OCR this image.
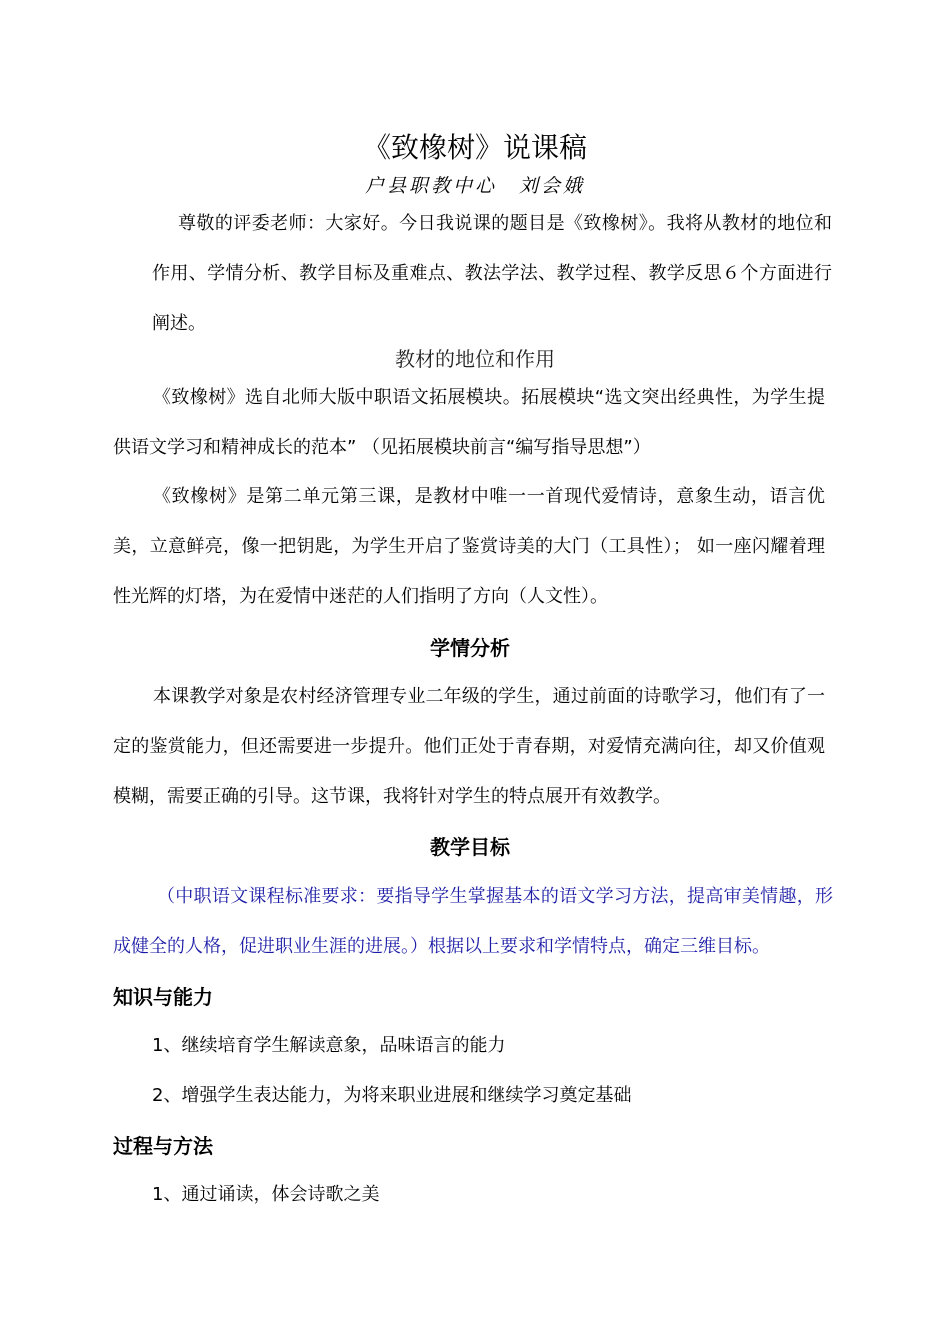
《致橡树》说课稿
户县职教中心　刘会娥
尊敬的评委老师：大家好。今日我说课的题目是《致橡树》。我将从教材的地位和作用、学情分析、教学目标及重难点、教法学法、教学过程、教学反思６个方面进行阐述。
教材的地位和作用
《致橡树》选自北师大版中职语文拓展模块。拓展模块“选文突出经典性，为学生提供语文学习和精神成长的范本” （见拓展模块前言“编写指导思想”）
《致橡树》是第二单元第三课，是教材中唯一一首现代爱情诗，意象生动，语言优美，立意鲜亮，像一把钥匙，为学生开启了鉴赏诗美的大门（工具性）； 如一座闪耀着理性光辉的灯塔，为在爱情中迷茫的人们指明了方向（人文性）。
学情分析
本课教学对象是农村经济管理专业二年级的学生，通过前面的诗歌学习，他们有了一定的鉴赏能力，但还需要进一步提升。他们正处于青春期，对爱情充满向往，却又价值观模糊，需要正确的引导。这节课，我将针对学生的特点展开有效教学。
教学目标
（中职语文课程标准要求：要指导学生掌握基本的语文学习方法，提高审美情趣，形成健全的人格，促进职业生涯的进展。）根据以上要求和学情特点，确定三维目标。
知识与能力
1、继续培育学生解读意象，品味语言的能力
2、增强学生表达能力，为将来职业进展和继续学习奠定基础
过程与方法
1、通过诵读，体会诗歌之美
